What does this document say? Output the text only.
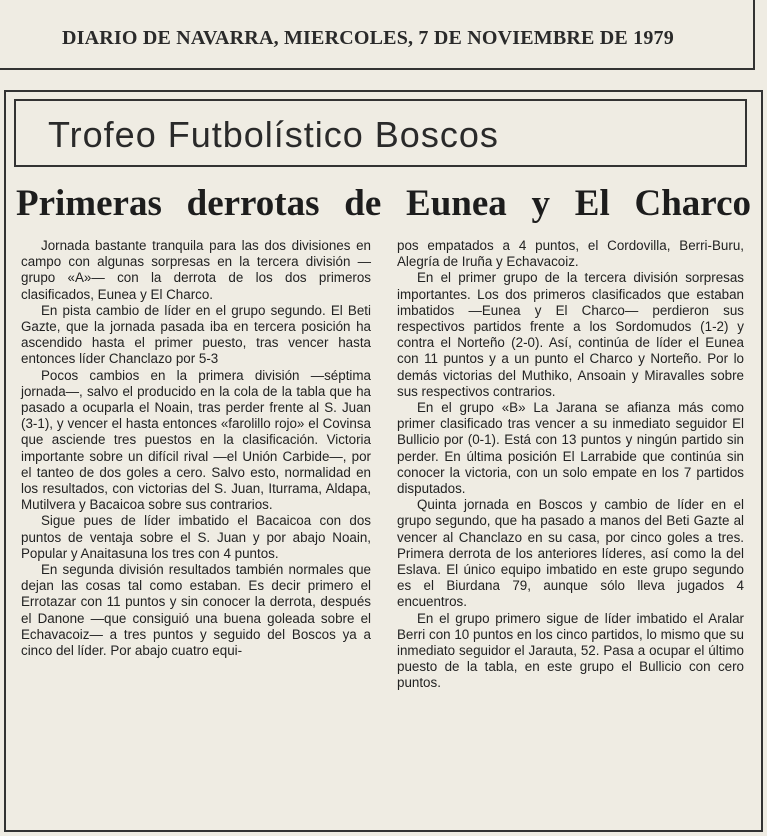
DIARIO DE NAVARRA, MIERCOLES, 7 DE NOVIEMBRE DE 1979
Trofeo Futbolístico Boscos
Primeras derrotas de Eunea y El Charco

Jornada bastante tranquila para las dos divisiones en campo con algunas sorpresas en la tercera división —grupo «A»— con la derrota de los dos primeros clasificados, Eunea y El Charco.

En pista cambio de líder en el grupo segundo. El Beti Gazte, que la jornada pasada iba en tercera posición ha ascendido hasta el primer puesto, tras vencer hasta entonces líder Chanclazo por 5-3

Pocos cambios en la primera división —séptima jornada—, salvo el producido en la cola de la tabla que ha pasado a ocuparla el Noain, tras perder frente al S. Juan (3-1), y vencer el hasta entonces «farolillo rojo» el Covinsa que asciende tres puestos en la clasificación. Victoria importante sobre un difícil rival —el Unión Carbide—, por el tanteo de dos goles a cero. Salvo esto, normalidad en los resultados, con victorias del S. Juan, Iturrama, Aldapa, Mutilvera y Bacaicoa sobre sus contrarios.

Sigue pues de líder imbatido el Bacaicoa con dos puntos de ventaja sobre el S. Juan y por abajo Noain, Popular y Anaitasuna los tres con 4 puntos.

En segunda división resultados también normales que dejan las cosas tal como estaban. Es decir primero el Errotazar con 11 puntos y sin conocer la derrota, después el Danone —que consiguió una buena goleada sobre el Echavacoiz— a tres puntos y seguido del Boscos ya a cinco del líder. Por abajo cuatro equi-

pos empatados a 4 puntos, el Cordovilla, Berri-Buru, Alegría de Iruña y Echavacoiz.

En el primer grupo de la tercera división sorpresas importantes. Los dos primeros clasificados que estaban imbatidos —Eunea y El Charco— perdieron sus respectivos partidos frente a los Sordomudos (1-2) y contra el Norteño (2-0). Así, continúa de líder el Eunea con 11 puntos y a un punto el Charco y Norteño. Por lo demás victorias del Muthiko, Ansoain y Miravalles sobre sus respectivos contrarios.

En el grupo «B» La Jarana se afianza más como primer clasificado tras vencer a su inmediato seguidor El Bullicio por (0-1). Está con 13 puntos y ningún partido sin perder. En última posición El Larrabide que continúa sin conocer la victoria, con un solo empate en los 7 partidos disputados.

Quinta jornada en Boscos y cambio de líder en el grupo segundo, que ha pasado a manos del Beti Gazte al vencer al Chanclazo en su casa, por cinco goles a tres. Primera derrota de los anteriores líderes, así como la del Eslava. El único equipo imbatido en este grupo segundo es el Biurdana 79, aunque sólo lleva jugados 4 encuentros.

En el grupo primero sigue de líder imbatido el Aralar Berri con 10 puntos en los cinco partidos, lo mismo que su inmediato seguidor el Jarauta, 52. Pasa a ocupar el último puesto de la tabla, en este grupo el Bullicio con cero puntos.
